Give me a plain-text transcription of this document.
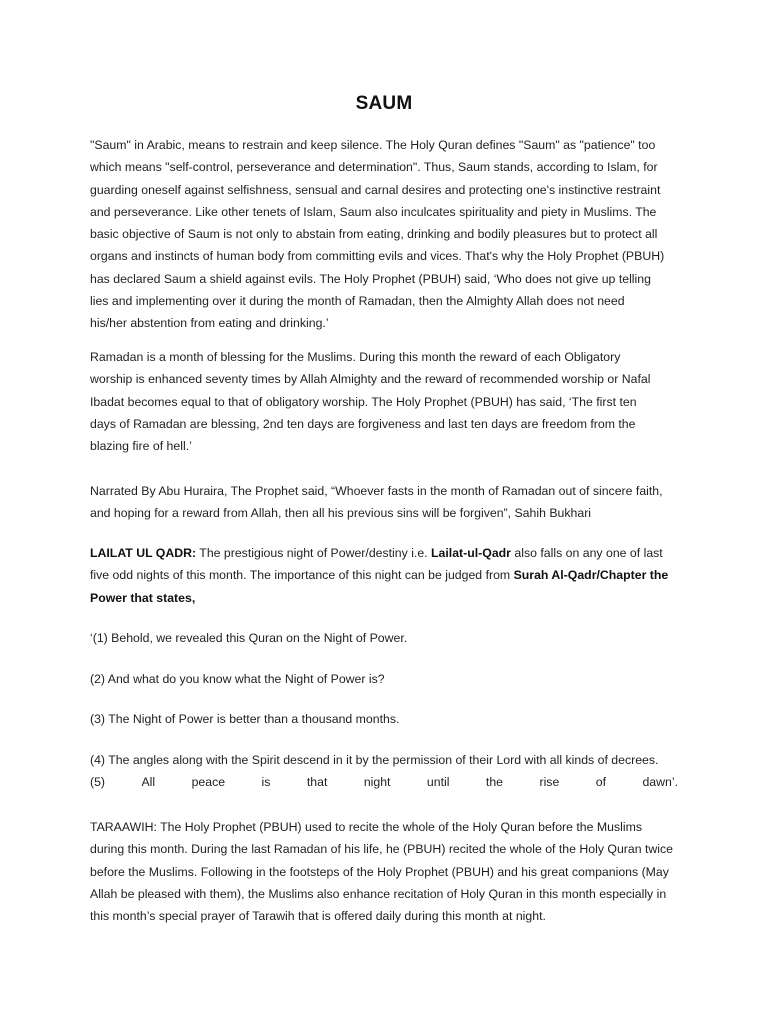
SAUM
"Saum" in Arabic, means to restrain and keep silence. The Holy Quran defines "Saum" as "patience" too
which means "self-control, perseverance and determination". Thus, Saum stands, according to Islam, for
guarding oneself against selfishness, sensual and carnal desires and protecting one's instinctive restraint
and perseverance. Like other tenets of Islam, Saum also inculcates spirituality and piety in Muslims. The
basic objective of Saum is not only to abstain from eating, drinking and bodily pleasures but to protect all
organs and instincts of human body from committing evils and vices. That's why the Holy Prophet (PBUH)
has declared Saum a shield against evils. The Holy Prophet (PBUH) said, ‘Who does not give up telling
lies and implementing over it during the month of Ramadan, then the Almighty Allah does not need
his/her abstention from eating and drinking.’
Ramadan is a month of blessing for the Muslims. During this month the reward of each Obligatory
worship is enhanced seventy times by Allah Almighty and the reward of recommended worship or Nafal
Ibadat becomes equal to that of obligatory worship. The Holy Prophet (PBUH) has said, ‘The first ten
days of Ramadan are blessing, 2nd ten days are forgiveness and last ten days are freedom from the
blazing fire of hell.’
Narrated By Abu Huraira, The Prophet said, “Whoever fasts in the month of Ramadan out of sincere faith,
and hoping for a reward from Allah, then all his previous sins will be forgiven”, Sahih Bukhari
LAILAT UL QADR: The prestigious night of Power/destiny i.e. Lailat-ul-Qadr also falls on any one of last
five odd nights of this month. The importance of this night can be judged from Surah Al-Qadr/Chapter the
Power that states,
‘(1) Behold, we revealed this Quran on the Night of Power.
(2) And what do you know what the Night of Power is?
(3) The Night of Power is better than a thousand months.
(4) The angles along with the Spirit descend in it by the permission of their Lord with all kinds of decrees.
(5)	All	peace	is	that	night	until	the	rise	of	dawn’.
TARAAWIH: The Holy Prophet (PBUH) used to recite the whole of the Holy Quran before the Muslims
during this month. During the last Ramadan of his life, he (PBUH) recited the whole of the Holy Quran twice
before the Muslims. Following in the footsteps of the Holy Prophet (PBUH) and his great companions (May
Allah be pleased with them), the Muslims also enhance recitation of Holy Quran in this month especially in
this month’s special prayer of Tarawih that is offered daily during this month at night.
